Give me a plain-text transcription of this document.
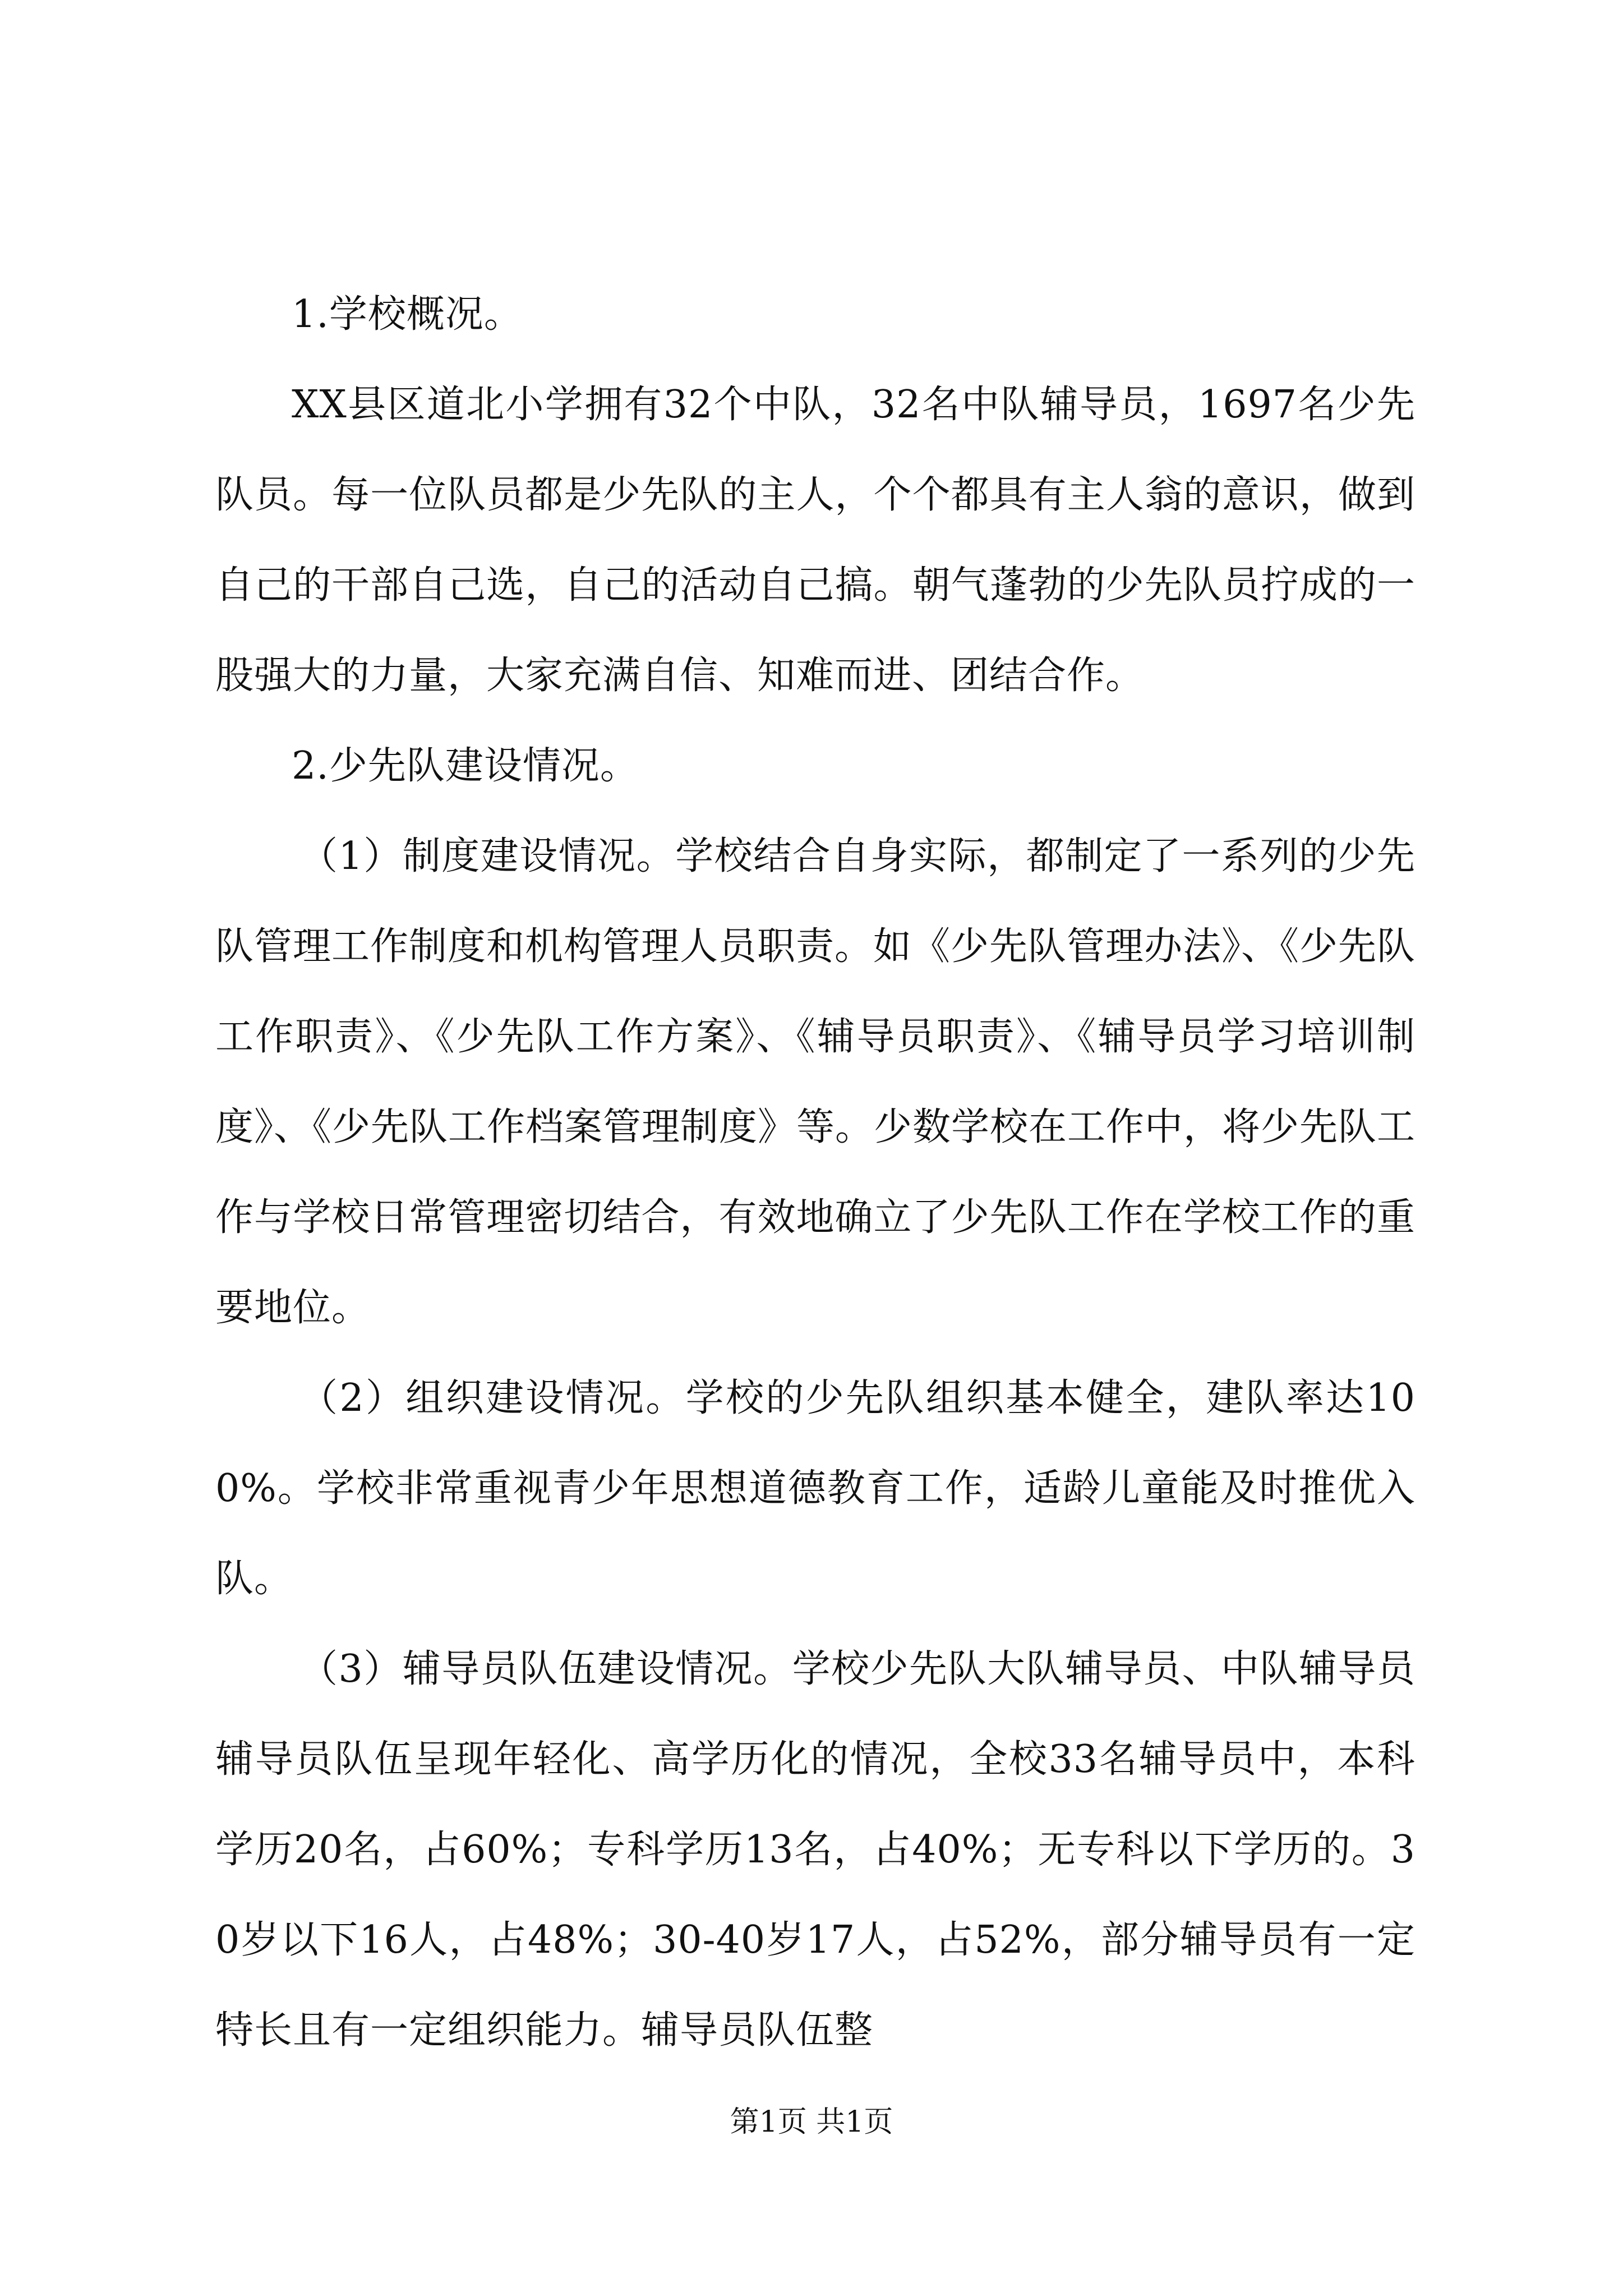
1.学校概况。

XX县区道北小学拥有32个中队，32名中队辅导员，1697名少先队员。每一位队员都是少先队的主人，个个都具有主人翁的意识，做到自己的干部自己选，自己的活动自己搞。朝气蓬勃的少先队员拧成的一股强大的力量，大家充满自信、知难而进、团结合作。

2.少先队建设情况。

（1）制度建设情况。学校结合自身实际，都制定了一系列的少先队管理工作制度和机构管理人员职责。如《少先队管理办法》、《少先队工作职责》、《少先队工作方案》、《辅导员职责》、《辅导员学习培训制度》、《少先队工作档案管理制度》等。少数学校在工作中，将少先队工作与学校日常管理密切结合，有效地确立了少先队工作在学校工作的重要地位。

（2）组织建设情况。学校的少先队组织基本健全，建队率达100%。学校非常重视青少年思想道德教育工作，适龄儿童能及时推优入队。

（3）辅导员队伍建设情况。学校少先队大队辅导员、中队辅导员辅导员队伍呈现年轻化、高学历化的情况，全校33名辅导员中，本科学历20名，占60%；专科学历13名，占40%；无专科以下学历的。30岁以下16人，占48%；30-40岁17人，占52%，部分辅导员有一定特长且有一定组织能力。辅导员队伍整

第1页 共1页
